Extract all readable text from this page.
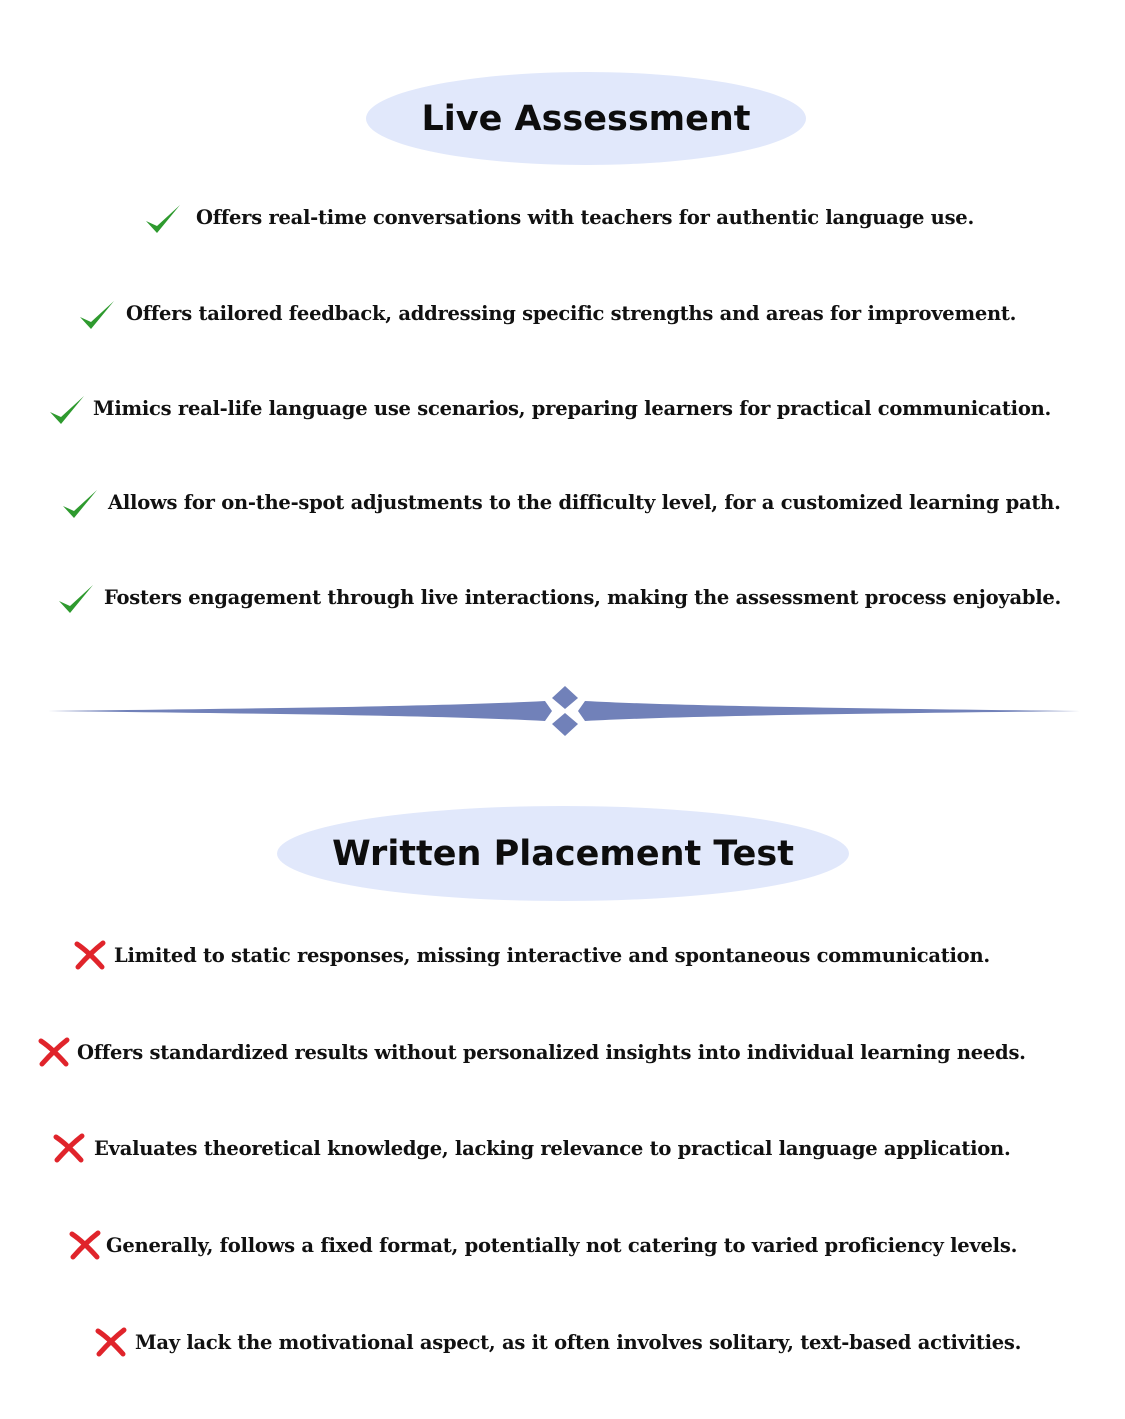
Live Assessment
Offers real-time conversations with teachers for authentic language use.
Offers tailored feedback, addressing specific strengths and areas for improvement.
Mimics real-life language use scenarios, preparing learners for practical communication.
Allows for on-the-spot adjustments to the difficulty level, for a customized learning path.
Fosters engagement through live interactions, making the assessment process enjoyable.
Written Placement Test
Limited to static responses, missing interactive and spontaneous communication.
Offers standardized results without personalized insights into individual learning needs.
Evaluates theoretical knowledge, lacking relevance to practical language application.
Generally, follows a fixed format, potentially not catering to varied proficiency levels.
May lack the motivational aspect, as it often involves solitary, text-based activities.
